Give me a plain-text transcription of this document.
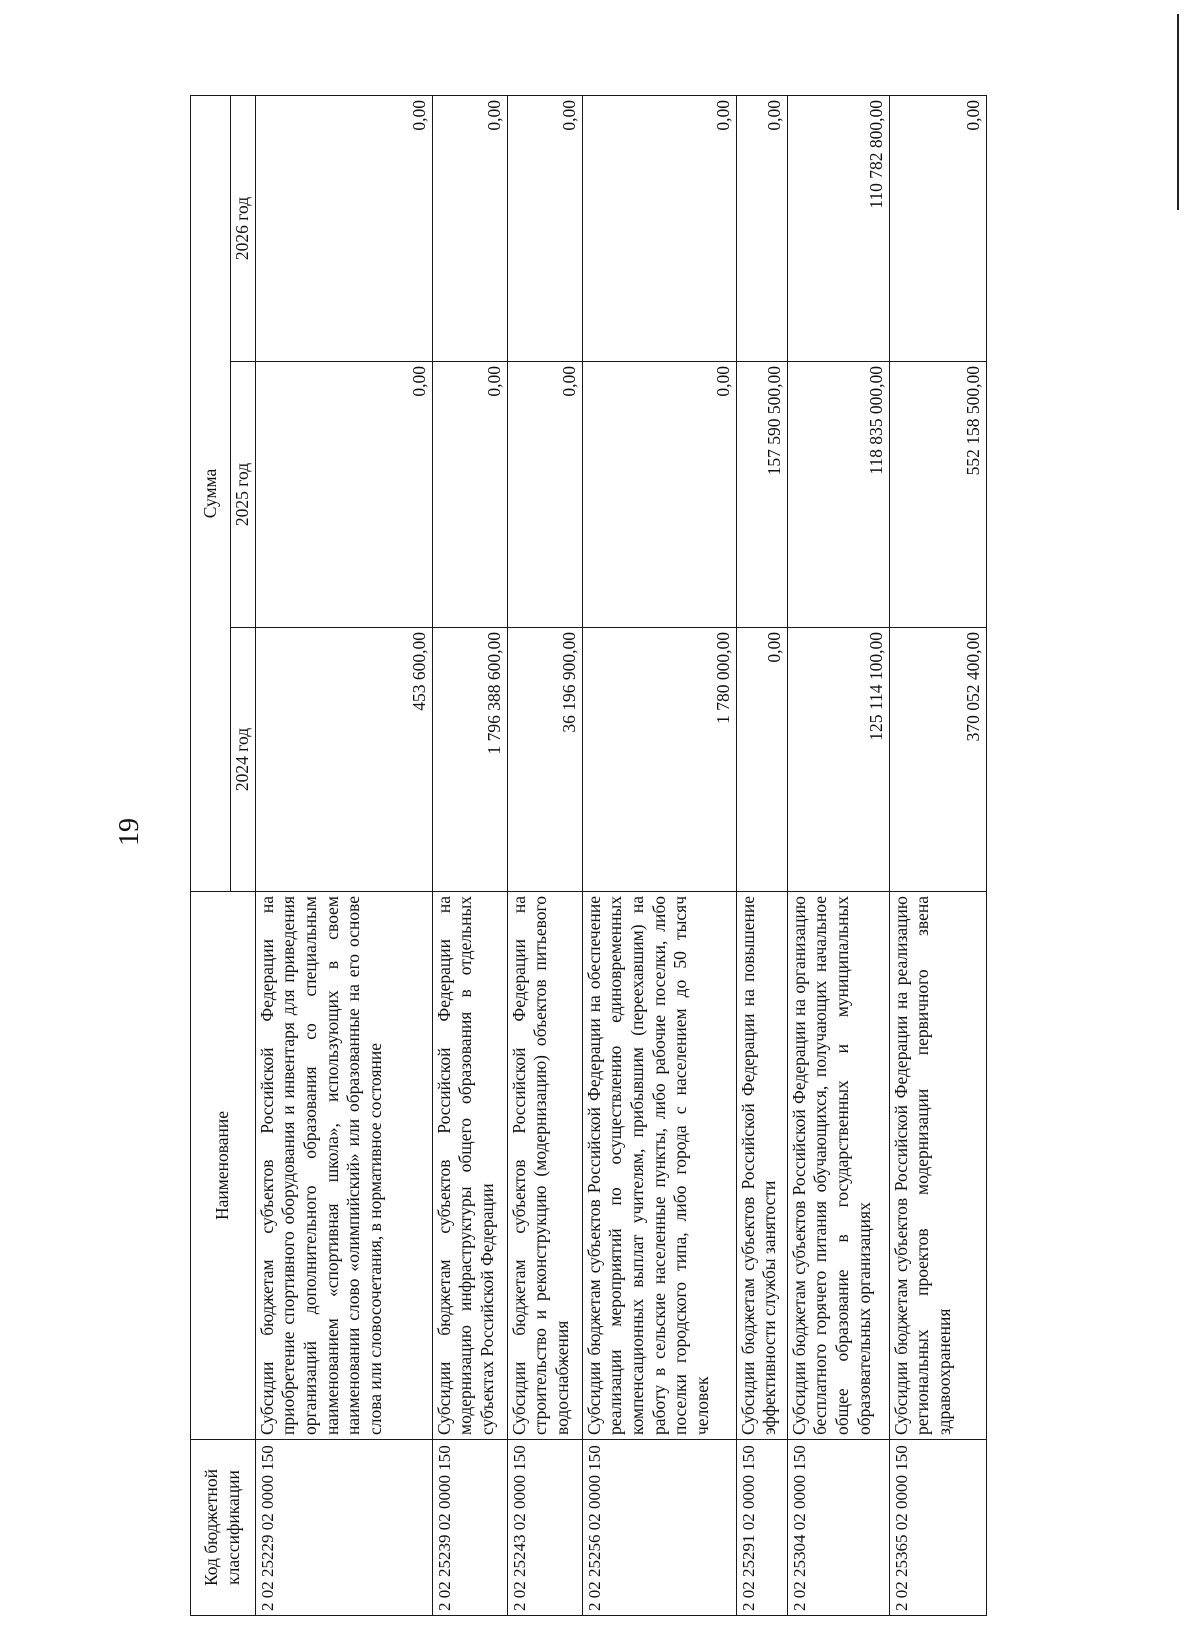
19
Код бюджетной классификации	Наименование	Сумма		
		2024 год	2025 год	2026 год
2 02 25229 02 0000 150	Субсидии бюджетам субъектов Российской Федерации на приобретение спортивного оборудования и инвентаря для приведения организаций дополнительного образования со специальным наименованием «спортивная школа», использующих в своем наименовании слово «олимпийский» или образованные на его основе слова или словосочетания, в нормативное состояние	453 600,00	0,00	0,00
2 02 25239 02 0000 150	Субсидии бюджетам субъектов Российской Федерации на модернизацию инфраструктуры общего образования в отдельных субъектах Российской Федерации	1 796 388 600,00	0,00	0,00
2 02 25243 02 0000 150	Субсидии бюджетам субъектов Российской Федерации на строительство и реконструкцию (модернизацию) объектов питьевого водоснабжения	36 196 900,00	0,00	0,00
2 02 25256 02 0000 150	Субсидии бюджетам субъектов Российской Федерации на обеспечение реализации мероприятий по осуществлению единовременных компенсационных выплат учителям, прибывшим (переехавшим) на работу в сельские населенные пункты, либо рабочие поселки, либо поселки городского типа, либо города с населением до 50 тысяч человек	1 780 000,00	0,00	0,00
2 02 25291 02 0000 150	Субсидии бюджетам субъектов Российской Федерации на повышение эффективности службы занятости	0,00	157 590 500,00	0,00
2 02 25304 02 0000 150	Субсидии бюджетам субъектов Российской Федерации на организацию бесплатного горячего питания обучающихся, получающих начальное общее образование в государственных и муниципальных образовательных организациях	125 114 100,00	118 835 000,00	110 782 800,00
2 02 25365 02 0000 150	Субсидии бюджетам субъектов Российской Федерации на реализацию региональных проектов модернизации первичного звена здравоохранения	370 052 400,00	552 158 500,00	0,00
